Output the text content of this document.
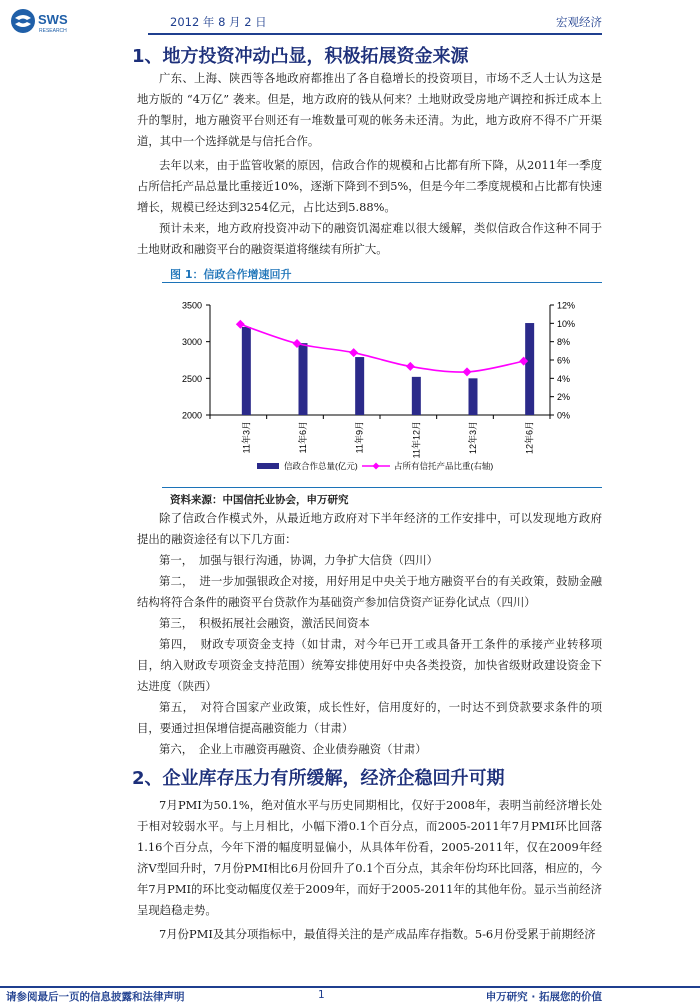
SWS
RESEARCH
2012 年 8 月 2 日	宏观经济
1、地方投资冲动凸显，积极拓展资金来源
广东、上海、陕西等各地政府都推出了各自稳增长的投资项目，市场不乏人士认为这是地方版的 “4万亿” 袭来。但是，地方政府的钱从何来？土地财政受房地产调控和拆迁成本上升的掣肘，地方融资平台则还有一堆数量可观的帐务未还清。为此，地方政府不得不广开渠道，其中一个选择就是与信托合作。
去年以来，由于监管收紧的原因，信政合作的规模和占比都有所下降，从2011年一季度占所信托产品总量比重接近10%，逐渐下降到不到5%，但是今年二季度规模和占比都有快速增长，规模已经达到3254亿元，占比达到5.88%。
预计未来，地方政府投资冲动下的融资饥渴症难以很大缓解，类似信政合作这种不同于土地财政和融资平台的融资渠道将继续有所扩大。
图 1：信政合作增速回升
2000
2500
3000
3500
0%
2%
4%
6%
8%
10%
12%
11年3月	11年6月	11年9月	11年12月	12年3月	12年6月
信政合作总量(亿元)	占所有信托产品比重(右轴)
资料来源：中国信托业协会，申万研究
除了信政合作模式外，从最近地方政府对下半年经济的工作安排中，可以发现地方政府提出的融资途径有以下几方面：
第一，　加强与银行沟通，协调，力争扩大信贷（四川）
第二，　进一步加强银政企对接，用好用足中央关于地方融资平台的有关政策，鼓励金融结构将符合条件的融资平台贷款作为基础资产参加信贷资产证券化试点（四川）
第三，　积极拓展社会融资，激活民间资本
第四，　财政专项资金支持（如甘肃，对今年已开工或具备开工条件的承接产业转移项目，纳入财政专项资金支持范围）统筹安排使用好中央各类投资，加快省级财政建设资金下达进度（陕西）
第五，　对符合国家产业政策，成长性好，信用度好的，一时达不到贷款要求条件的项目，要通过担保增信提高融资能力（甘肃）
第六，　企业上市融资再融资、企业债券融资（甘肃）
2、企业库存压力有所缓解，经济企稳回升可期
7月PMI为50.1%，绝对值水平与历史同期相比，仅好于2008年，表明当前经济增长处于相对较弱水平。与上月相比，小幅下滑0.1个百分点，而2005-2011年7月PMI环比回落1.16个百分点，今年下滑的幅度明显偏小，从具体年份看，2005-2011年，仅在2009年经济V型回升时，7月份PMI相比6月份回升了0.1个百分点，其余年份均环比回落，相应的，今年7月PMI的环比变动幅度仅差于2009年，而好于2005-2011年的其他年份。显示当前经济呈现趋稳走势。
7月份PMI及其分项指标中，最值得关注的是产成品库存指数。5-6月份受累于前期经济
请参阅最后一页的信息披露和法律声明	1	申万研究 · 拓展您的价值
